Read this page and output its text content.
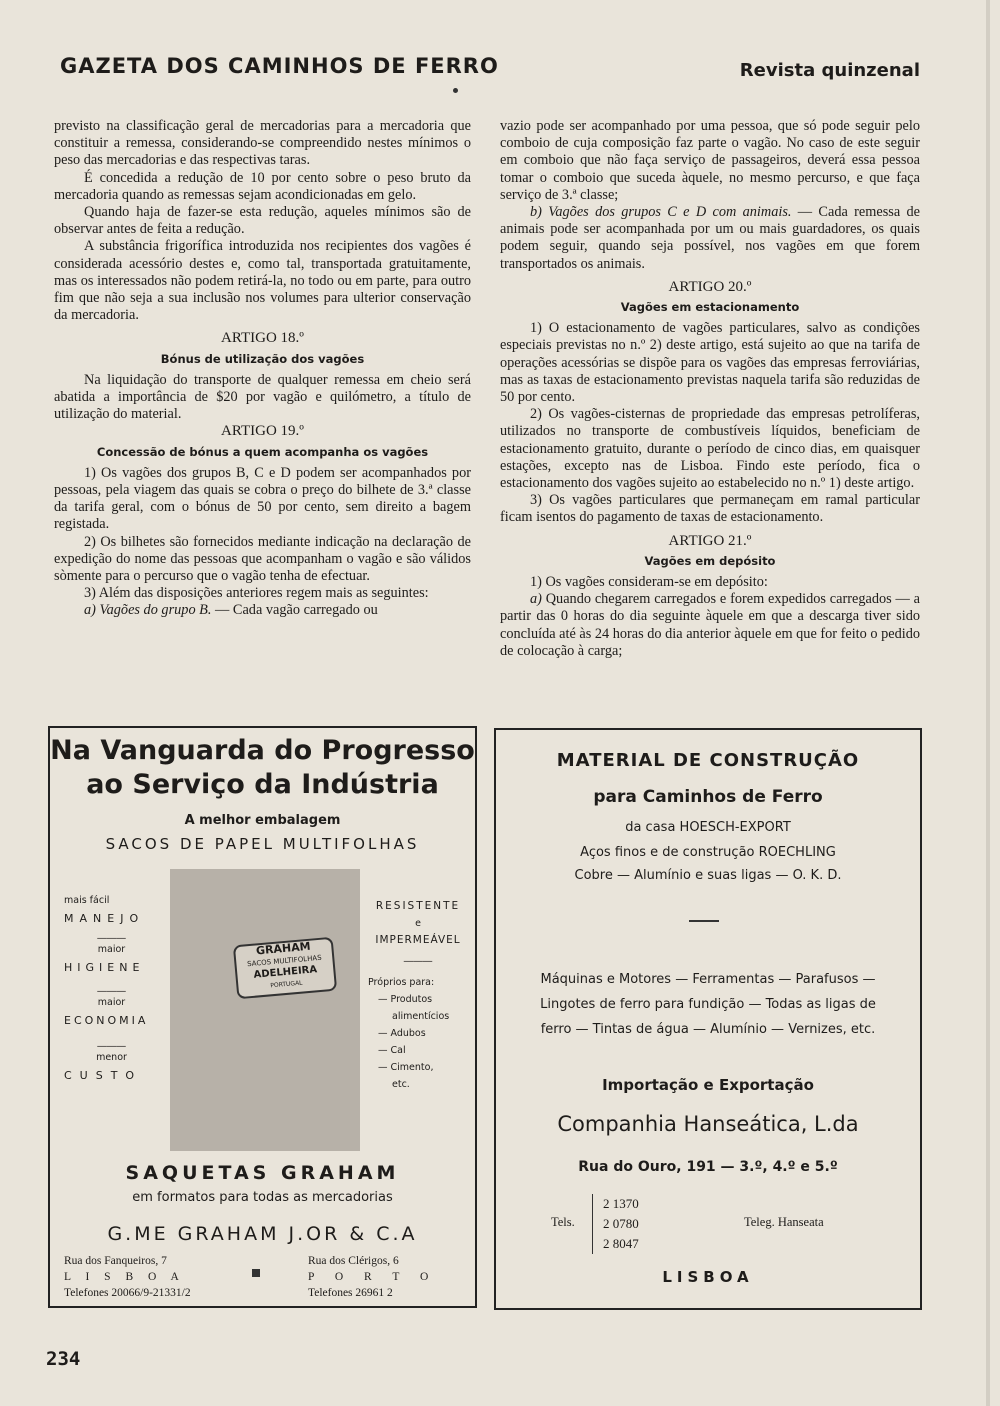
GAZETA DOS CAMINHOS DE FERRO	Revista quinzenal

previsto na classificação geral de mercadorias para a mercadoria que constituir a remessa, considerando-se compreendido nestes mínimos o peso das mercadorias e das respectivas taras.

É concedida a redução de 10 por cento sobre o peso bruto da mercadoria quando as remessas sejam acondicionadas em gelo.

Quando haja de fazer-se esta redução, aqueles mínimos são de observar antes de feita a redução.

A substância frigorífica introduzida nos recipientes dos vagões é considerada acessório destes e, como tal, transportada gratuitamente, mas os interessados não podem retirá-la, no todo ou em parte, para outro fim que não seja a sua inclusão nos volumes para ulterior conservação da mercadoria.

ARTIGO 18.º

Bónus de utilização dos vagões

Na liquidação do transporte de qualquer remessa em cheio será abatida a importância de $20 por vagão e quilómetro, a título de utilização do material.

ARTIGO 19.º

Concessão de bónus a quem acompanha os vagões

1) Os vagões dos grupos B, C e D podem ser acompanhados por pessoas, pela viagem das quais se cobra o preço do bilhete de 3.ª classe da tarifa geral, com o bónus de 50 por cento, sem direito a bagem registada.

2) Os bilhetes são fornecidos mediante indicação na declaração de expedição do nome das pessoas que acompanham o vagão e são válidos sòmente para o percurso que o vagão tenha de efectuar.

3) Além das disposições anteriores regem mais as seguintes:

a) Vagões do grupo B. — Cada vagão carregado ou

vazio pode ser acompanhado por uma pessoa, que só pode seguir pelo comboio de cuja composição faz parte o vagão. No caso de este seguir em comboio que não faça serviço de passageiros, deverá essa pessoa tomar o comboio que suceda àquele, no mesmo percurso, e que faça serviço de 3.ª classe;

b) Vagões dos grupos C e D com animais. — Cada remessa de animais pode ser acompanhada por um ou mais guardadores, os quais podem seguir, quando seja possível, nos vagões em que forem transportados os animais.

ARTIGO 20.º

Vagões em estacionamento

1) O estacionamento de vagões particulares, salvo as condições especiais previstas no n.º 2) deste artigo, está sujeito ao que na tarifa de operações acessórias se dispõe para os vagões das empresas ferroviárias, mas as taxas de estacionamento previstas naquela tarifa são reduzidas de 50 por cento.

2) Os vagões-cisternas de propriedade das empresas petrolíferas, utilizados no transporte de combustíveis líquidos, beneficiam de estacionamento gratuito, durante o período de cinco dias, em quaisquer estações, excepto nas de Lisboa. Findo este período, fica o estacionamento dos vagões sujeito ao estabelecido no n.º 1) deste artigo.

3) Os vagões particulares que permaneçam em ramal particular ficam isentos do pagamento de taxas de estacionamento.

ARTIGO 21.º

Vagões em depósito

1) Os vagões consideram-se em depósito:

a) Quando chegarem carregados e forem expedidos carregados — a partir das 0 horas do dia seguinte àquele em que a descarga tiver sido concluída até às 24 horas do dia anterior àquele em que for feito o pedido de colocação à carga;

Na Vanguarda do Progresso
ao Serviço da Indústria
A melhor embalagem
SACOS DE PAPEL MULTIFOLHAS
mais fácil
MANEJO
―――
maior
HIGIENE
―――
maior
ECONOMIA
―――
menor
CUSTO
GRAHAM
SACOS MULTIFOLHAS
ADELHEIRA
PORTUGAL
RESISTENTE
e
IMPERMEÁVEL
―――
Próprios para:
— Produtos
alimentícios
— Adubos
— Cal
— Cimento,
etc.
SAQUETAS GRAHAM
em formatos para todas as mercadorias
G.ME GRAHAM J.OR & C.A
Rua dos Fanqueiros, 7
L I S B O A
Telefones 20066/9-21331/2
Rua dos Clérigos, 6
P O R T O
Telefones 26961 2
MATERIAL DE CONSTRUÇÃO
para Caminhos de Ferro
da casa HOESCH-EXPORT
Aços finos e de construção ROECHLING
Cobre — Alumínio e suas ligas — O. K. D.
Máquinas e Motores — Ferramentas — Parafusos — Lingotes de ferro para fundição — Todas as ligas de ferro — Tintas de água — Alumínio — Vernizes, etc.
Importação e Exportação
Companhia Hanseática, L.da
Rua do Ouro, 191 — 3.º, 4.º e 5.º
Tels.
2 1370
2 0780
2 8047
Teleg. Hanseata
LISBOA
234
